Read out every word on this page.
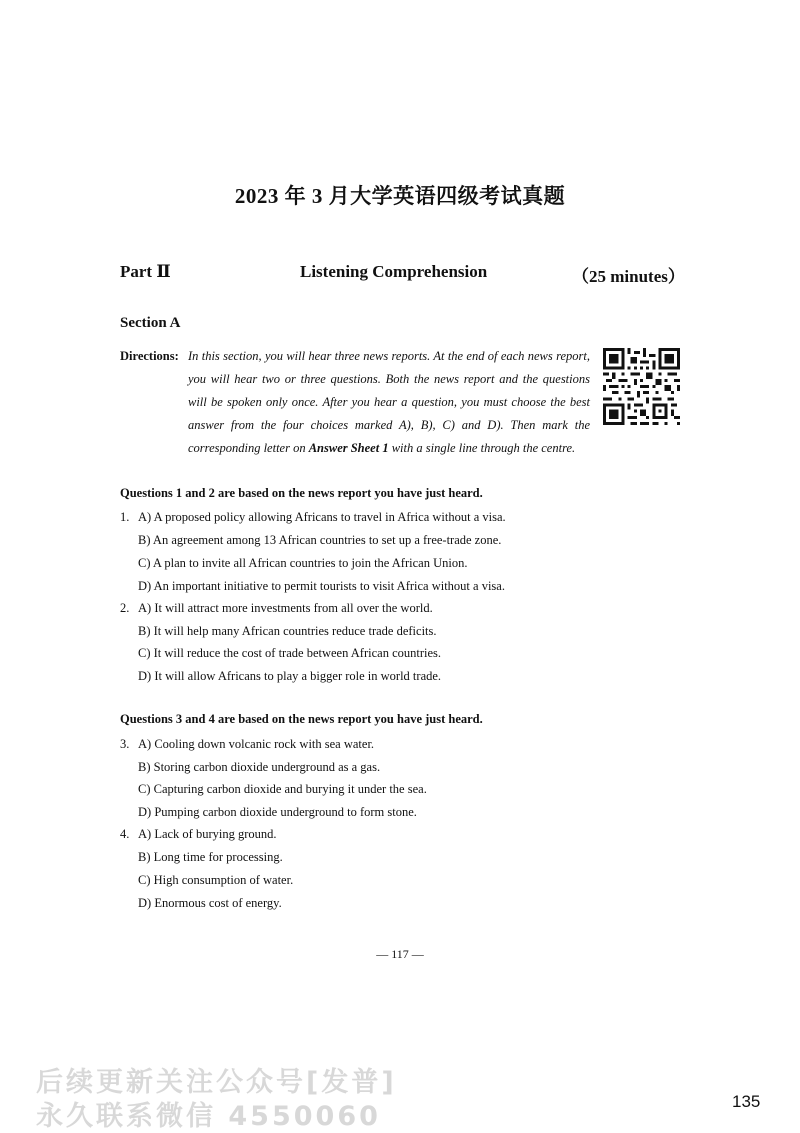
2023 年 3 月大学英语四级考试真题
Part Ⅱ	Listening Comprehension	（25 minutes）
Section A
Directions: In this section, you will hear three news reports. At the end of each news report, you will hear two or three questions. Both the news report and the questions will be spoken only once. After you hear a question, you must choose the best answer from the four choices marked A), B), C) and D). Then mark the corresponding letter on Answer Sheet 1 with a single line through the centre.
Questions 1 and 2 are based on the news report you have just heard.
1. A) A proposed policy allowing Africans to travel in Africa without a visa.
B) An agreement among 13 African countries to set up a free-trade zone.
C) A plan to invite all African countries to join the African Union.
D) An important initiative to permit tourists to visit Africa without a visa.
2. A) It will attract more investments from all over the world.
B) It will help many African countries reduce trade deficits.
C) It will reduce the cost of trade between African countries.
D) It will allow Africans to play a bigger role in world trade.
Questions 3 and 4 are based on the news report you have just heard.
3. A) Cooling down volcanic rock with sea water.
B) Storing carbon dioxide underground as a gas.
C) Capturing carbon dioxide and burying it under the sea.
D) Pumping carbon dioxide underground to form stone.
4. A) Lack of burying ground.
B) Long time for processing.
C) High consumption of water.
D) Enormous cost of energy.
— 117 —
后续更新关注公众号[发普]
永久联系微信 4550060	135
